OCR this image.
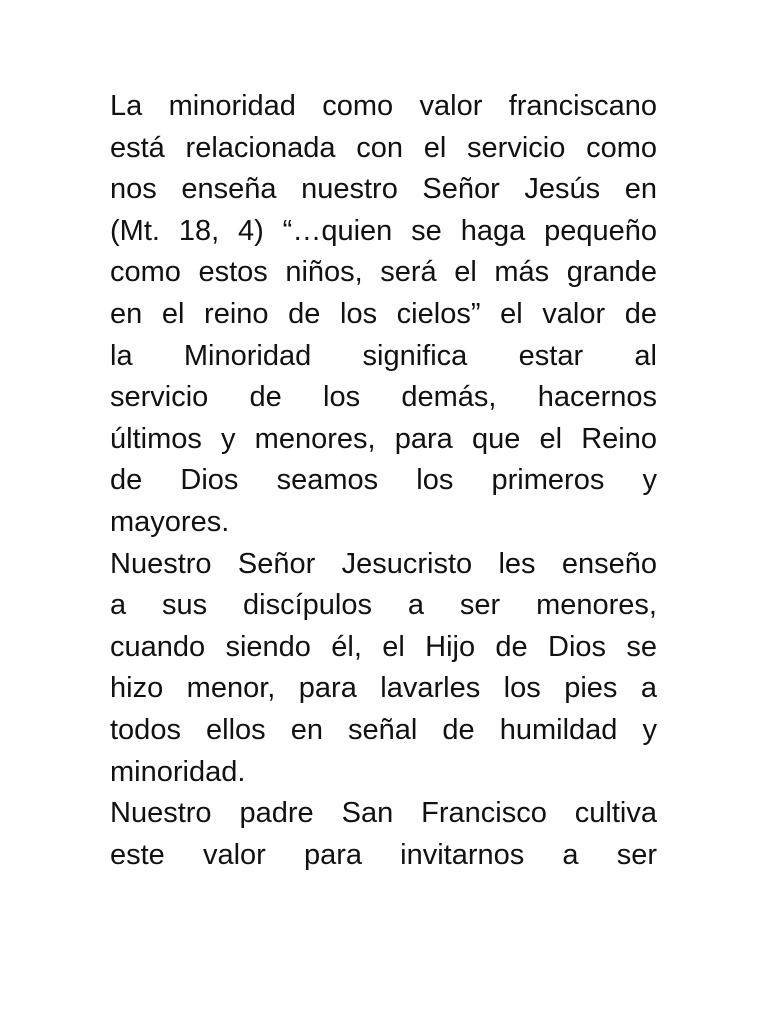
La minoridad como valor franciscano
está relacionada con el servicio como
nos enseña nuestro Señor Jesús en
(Mt. 18, 4) “…quien se haga pequeño
como estos niños, será el más grande
en el reino de los cielos” el valor de
la Minoridad significa estar al
servicio de los demás, hacernos
últimos y menores, para que el Reino
de Dios seamos los primeros y
mayores.

Nuestro Señor Jesucristo les enseño
a sus discípulos a ser menores,
cuando siendo él, el Hijo de Dios se
hizo menor, para lavarles los pies a
todos ellos en señal de humildad y
minoridad.

Nuestro padre San Francisco cultiva
este valor para invitarnos a ser
